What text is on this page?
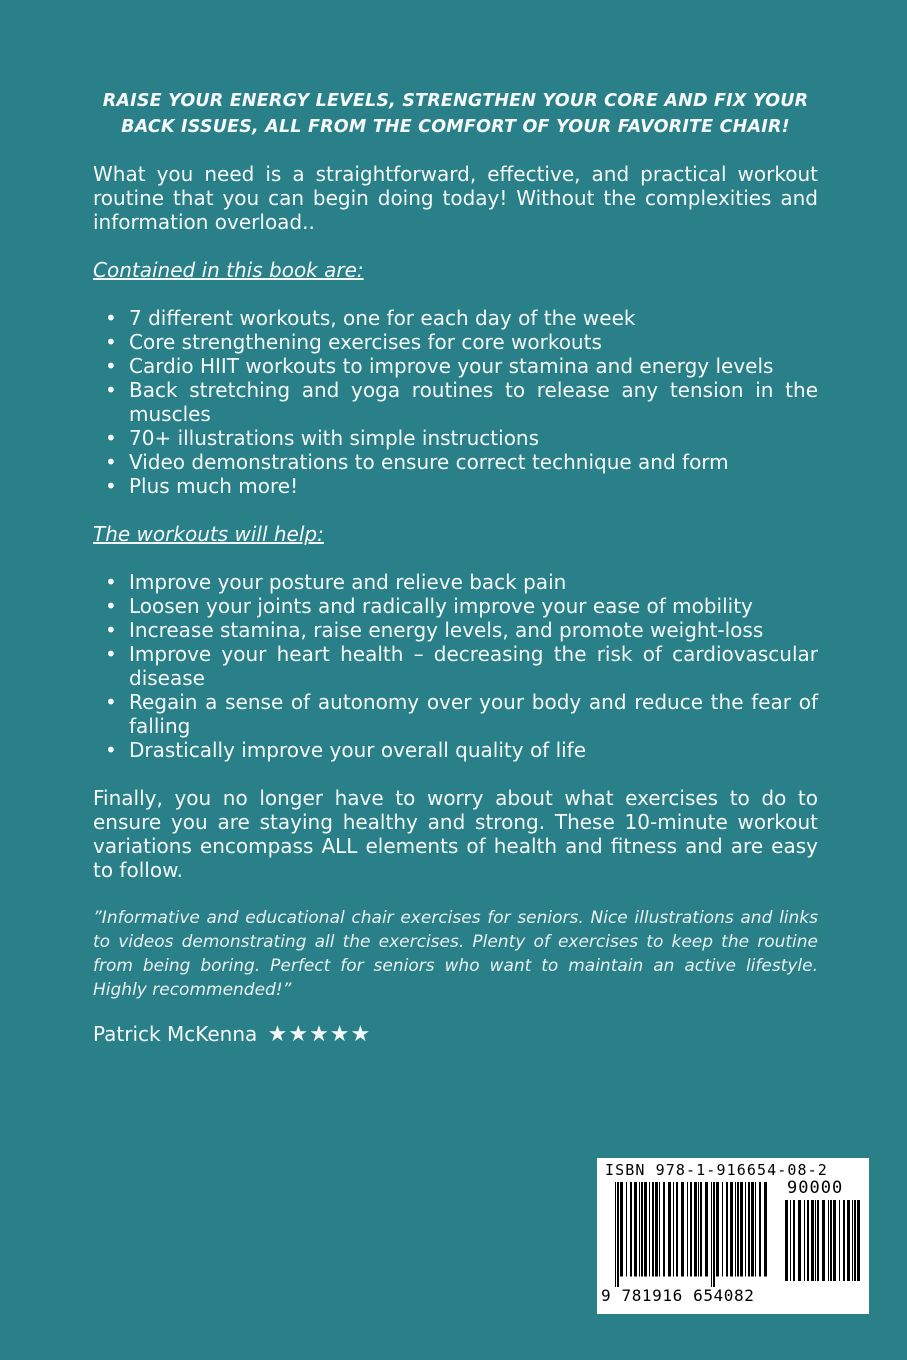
RAISE YOUR ENERGY LEVELS, STRENGTHEN YOUR CORE AND FIX YOUR BACK ISSUES, ALL FROM THE COMFORT OF YOUR FAVORITE CHAIR!

What you need is a straightforward, effective, and practical workout routine that you can begin doing today! Without the complexities and information overload..

Contained in this book are:

• 7 different workouts, one for each day of the week
• Core strengthening exercises for core workouts
• Cardio HIIT workouts to improve your stamina and energy levels
• Back stretching and yoga routines to release any tension in the muscles
• 70+ illustrations with simple instructions
• Video demonstrations to ensure correct technique and form
• Plus much more!

The workouts will help:

• Improve your posture and relieve back pain
• Loosen your joints and radically improve your ease of mobility
• Increase stamina, raise energy levels, and promote weight-loss
• Improve your heart health – decreasing the risk of cardiovascular disease
• Regain a sense of autonomy over your body and reduce the fear of falling
• Drastically improve your overall quality of life

Finally, you no longer have to worry about what exercises to do to ensure you are staying healthy and strong. These 10-minute workout variations encompass ALL elements of health and fitness and are easy to follow.

”Informative and educational chair exercises for seniors. Nice illustrations and links to videos demonstrating all the exercises. Plenty of exercises to keep the routine from being boring. Perfect for seniors who want to maintain an active lifestyle. Highly recommended!”

Patrick McKenna ★★★★★
ISBN 978-1-916654-08-2
90000
9 781916 654082
